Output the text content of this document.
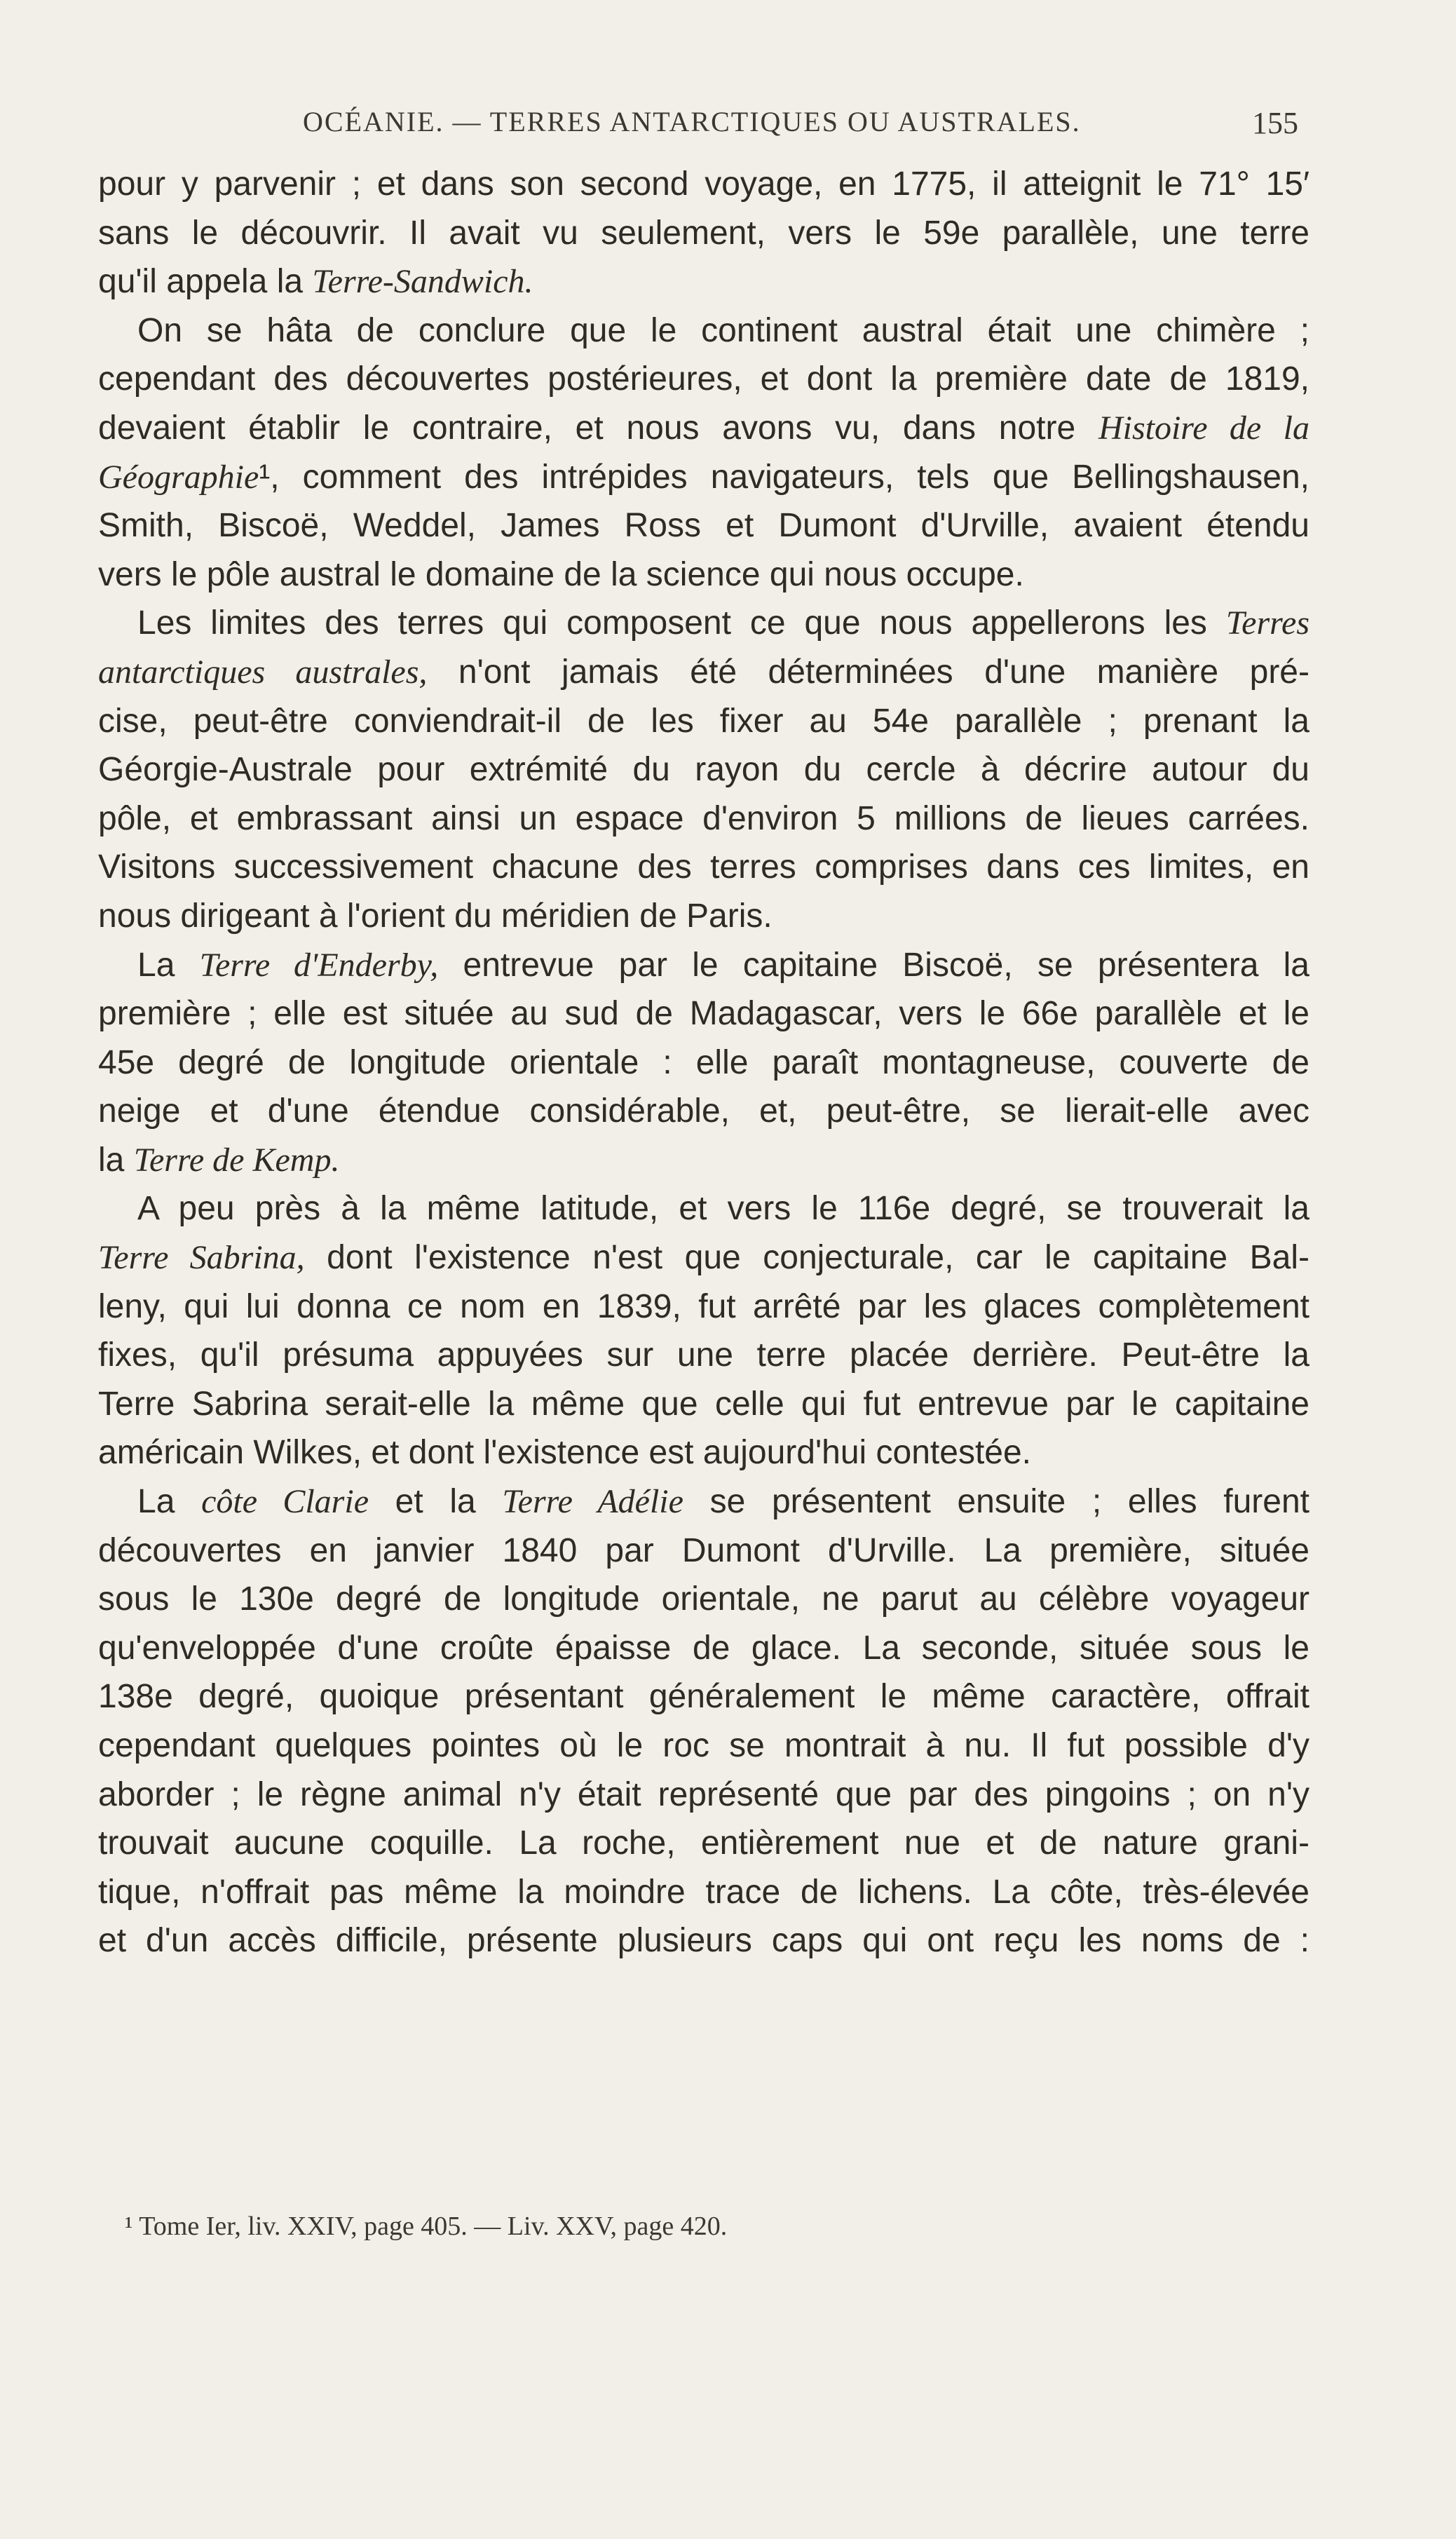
OCÉANIE. — TERRES ANTARCTIQUES OU AUSTRALES.	155
pour y parvenir ; et dans son second voyage, en 1775, il atteignit le 71° 15′
sans le découvrir. Il avait vu seulement, vers le 59e parallèle, une terre
qu'il appela la Terre-Sandwich.
On se hâta de conclure que le continent austral était une chimère ;
cependant des découvertes postérieures, et dont la première date de 1819,
devaient établir le contraire, et nous avons vu, dans notre Histoire de la
Géographie¹, comment des intrépides navigateurs, tels que Bellingshausen,
Smith, Biscoë, Weddel, James Ross et Dumont d'Urville, avaient étendu
vers le pôle austral le domaine de la science qui nous occupe.
Les limites des terres qui composent ce que nous appellerons les Terres
antarctiques australes, n'ont jamais été déterminées d'une manière pré-
cise, peut-être conviendrait-il de les fixer au 54e parallèle ; prenant la
Géorgie-Australe pour extrémité du rayon du cercle à décrire autour du
pôle, et embrassant ainsi un espace d'environ 5 millions de lieues carrées.
Visitons successivement chacune des terres comprises dans ces limites, en
nous dirigeant à l'orient du méridien de Paris.
La Terre d'Enderby, entrevue par le capitaine Biscoë, se présentera la
première ; elle est située au sud de Madagascar, vers le 66e parallèle et le
45e degré de longitude orientale : elle paraît montagneuse, couverte de
neige et d'une étendue considérable, et, peut-être, se lierait-elle avec
la Terre de Kemp.
A peu près à la même latitude, et vers le 116e degré, se trouverait la
Terre Sabrina, dont l'existence n'est que conjecturale, car le capitaine Bal-
leny, qui lui donna ce nom en 1839, fut arrêté par les glaces complètement
fixes, qu'il présuma appuyées sur une terre placée derrière. Peut-être la
Terre Sabrina serait-elle la même que celle qui fut entrevue par le capitaine
américain Wilkes, et dont l'existence est aujourd'hui contestée.
La côte Clarie et la Terre Adélie se présentent ensuite ; elles furent
découvertes en janvier 1840 par Dumont d'Urville. La première, située
sous le 130e degré de longitude orientale, ne parut au célèbre voyageur
qu'enveloppée d'une croûte épaisse de glace. La seconde, située sous le
138e degré, quoique présentant généralement le même caractère, offrait
cependant quelques pointes où le roc se montrait à nu. Il fut possible d'y
aborder ; le règne animal n'y était représenté que par des pingoins ; on n'y
trouvait aucune coquille. La roche, entièrement nue et de nature grani-
tique, n'offrait pas même la moindre trace de lichens. La côte, très-élevée
et d'un accès difficile, présente plusieurs caps qui ont reçu les noms de :
¹ Tome Ier, liv. XXIV, page 405. — Liv. XXV, page 420.
